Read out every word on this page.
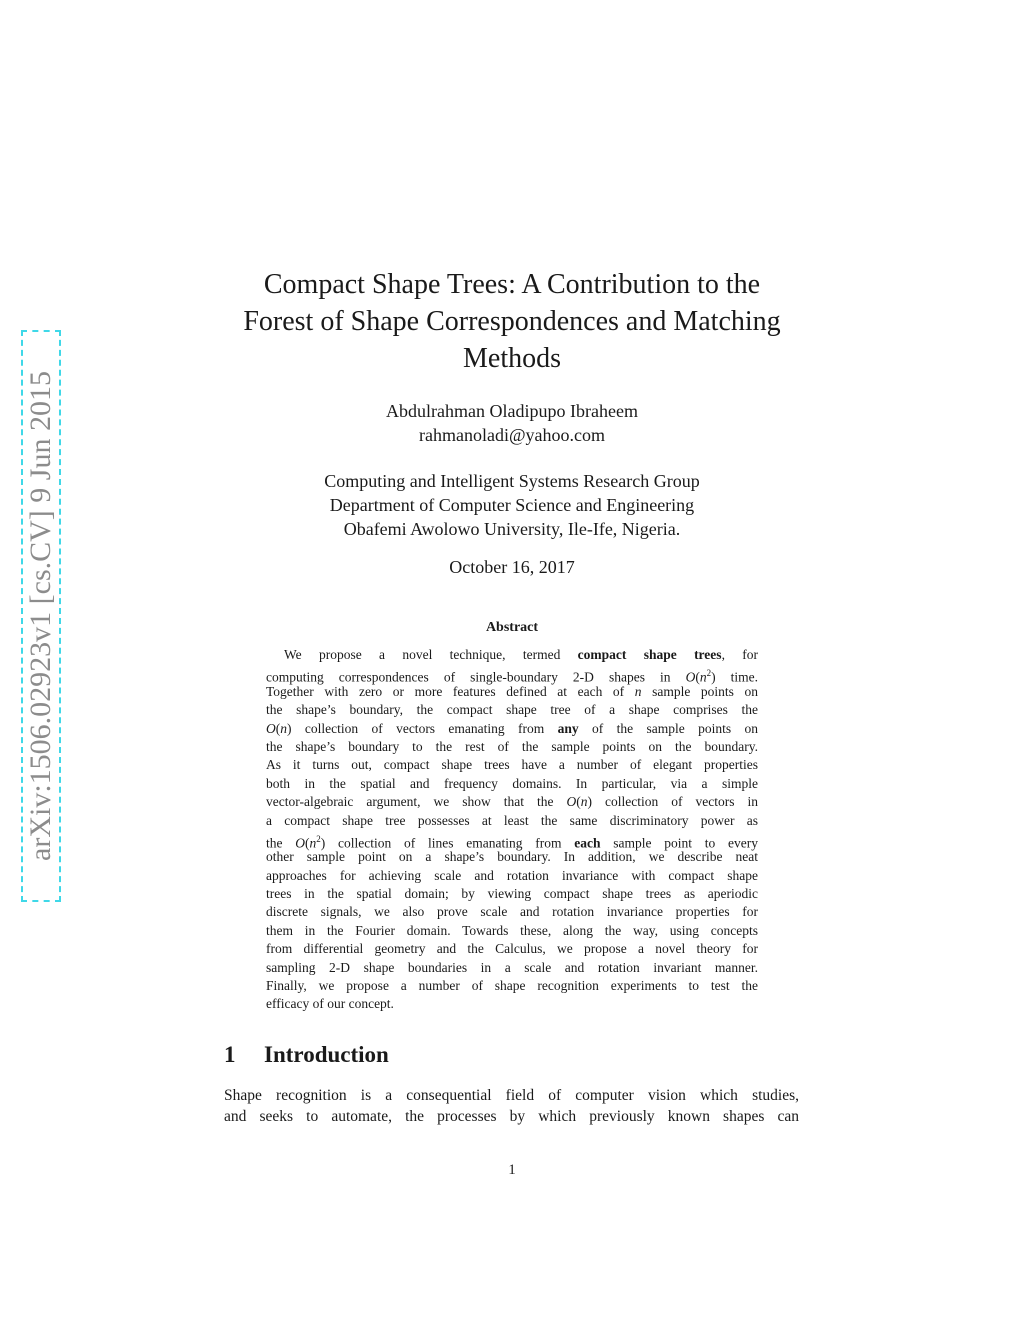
arXiv:1506.02923v1 [cs.CV] 9 Jun 2015
Compact Shape Trees: A Contribution to the
Forest of Shape Correspondences and Matching
Methods
Abdulrahman Oladipupo Ibraheem
rahmanoladi@yahoo.com
Computing and Intelligent Systems Research Group
Department of Computer Science and Engineering
Obafemi Awolowo University, Ile-Ife, Nigeria.
October 16, 2017
Abstract
We propose a novel technique, termed compact shape trees, for
computing correspondences of single-boundary 2-D shapes in $O(n^2)$ time.
Together with zero or more features defined at each of n sample points on
the shape’s boundary, the compact shape tree of a shape comprises the
O(n) collection of vectors emanating from any of the sample points on
the shape’s boundary to the rest of the sample points on the boundary.
As it turns out, compact shape trees have a number of elegant properties
both in the spatial and frequency domains. In particular, via a simple
vector-algebraic argument, we show that the O(n) collection of vectors in
a compact shape tree possesses at least the same discriminatory power as
the $O(n^2)$ collection of lines emanating from each sample point to every
other sample point on a shape’s boundary. In addition, we describe neat
approaches for achieving scale and rotation invariance with compact shape
trees in the spatial domain; by viewing compact shape trees as aperiodic
discrete signals, we also prove scale and rotation invariance properties for
them in the Fourier domain. Towards these, along the way, using concepts
from differential geometry and the Calculus, we propose a novel theory for
sampling 2-D shape boundaries in a scale and rotation invariant manner.
Finally, we propose a number of shape recognition experiments to test the
efficacy of our concept.
1 Introduction
Shape recognition is a consequential field of computer vision which studies,
and seeks to automate, the processes by which previously known shapes can
1
